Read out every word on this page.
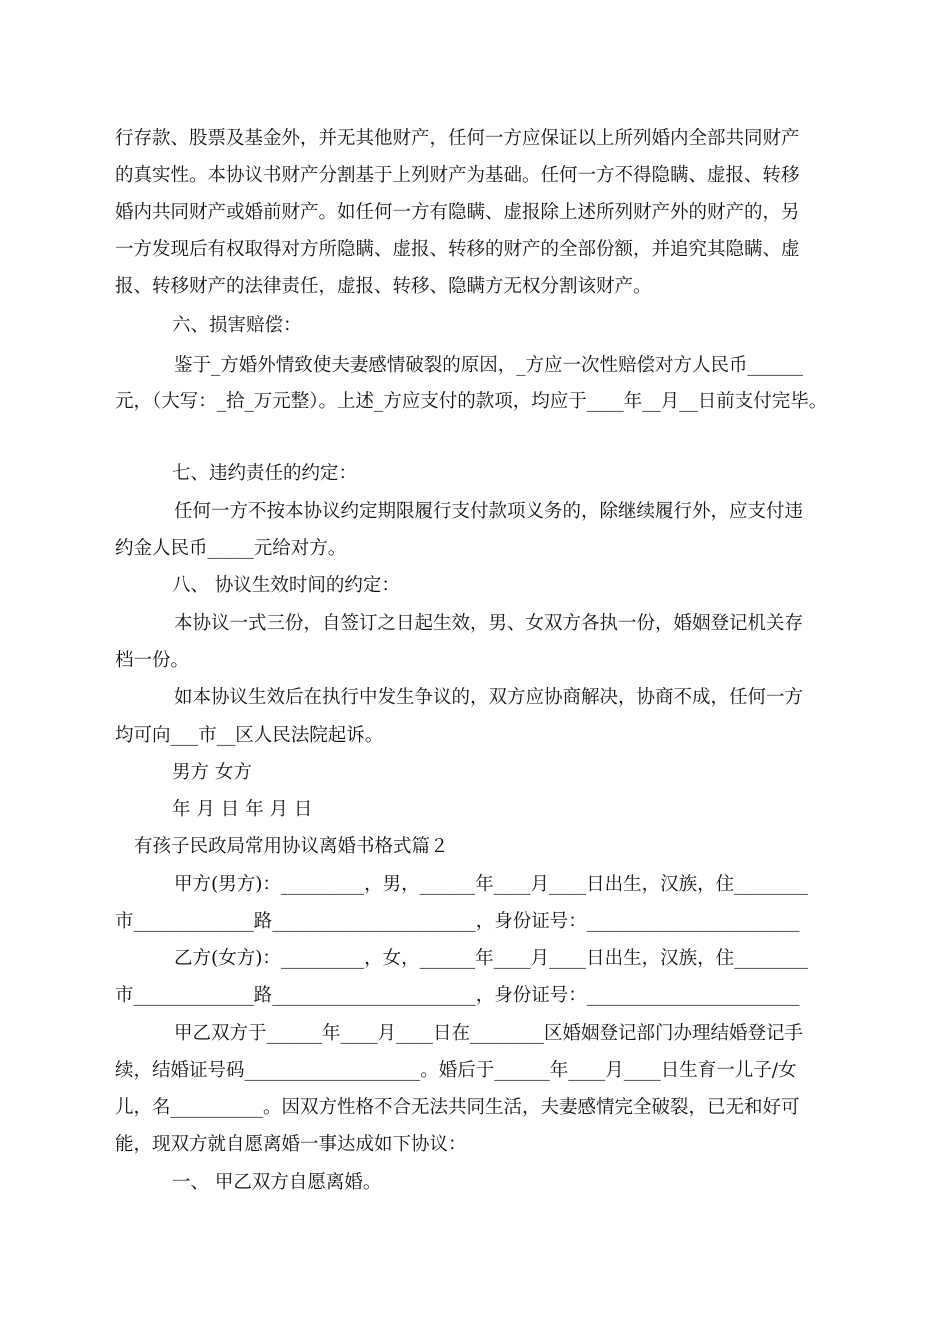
行存款、股票及基金外，并无其他财产，任何一方应保证以上所列婚内全部共同财产
的真实性。本协议书财产分割基于上列财产为基础。任何一方不得隐瞒、虚报、转移
婚内共同财产或婚前财产。如任何一方有隐瞒、虚报除上述所列财产外的财产的，另
一方发现后有权取得对方所隐瞒、虚报、转移的财产的全部份额，并追究其隐瞒、虚
报、转移财产的法律责任，虚报、转移、隐瞒方无权分割该财产。
六、损害赔偿：
鉴于_方婚外情致使夫妻感情破裂的原因，_方应一次性赔偿对方人民币______
元，（大写：_拾_万元整）。上述_方应支付的款项，均应于____年__月__日前支付完毕。
七、违约责任的约定：
任何一方不按本协议约定期限履行支付款项义务的，除继续履行外，应支付违
约金人民币_____元给对方。
八、 协议生效时间的约定：
本协议一式三份，自签订之日起生效，男、女双方各执一份，婚姻登记机关存
档一份。
如本协议生效后在执行中发生争议的，双方应协商解决，协商不成，任何一方
均可向___市__区人民法院起诉。
男方 女方
年 月 日 年 月 日
有孩子民政局常用协议离婚书格式篇２
甲方(男方)：_________，男，______年____月____日出生，汉族，住________
市_____________路______________________，身份证号：_______________________
乙方(女方)：_________，女，______年____月____日出生，汉族，住________
市_____________路______________________，身份证号：_______________________
甲乙双方于______年____月____日在________区婚姻登记部门办理结婚登记手
续，结婚证号码___________________。婚后于______年____月____日生育一儿子/女
儿，名__________。因双方性格不合无法共同生活，夫妻感情完全破裂，已无和好可
能，现双方就自愿离婚一事达成如下协议：
一、 甲乙双方自愿离婚。
